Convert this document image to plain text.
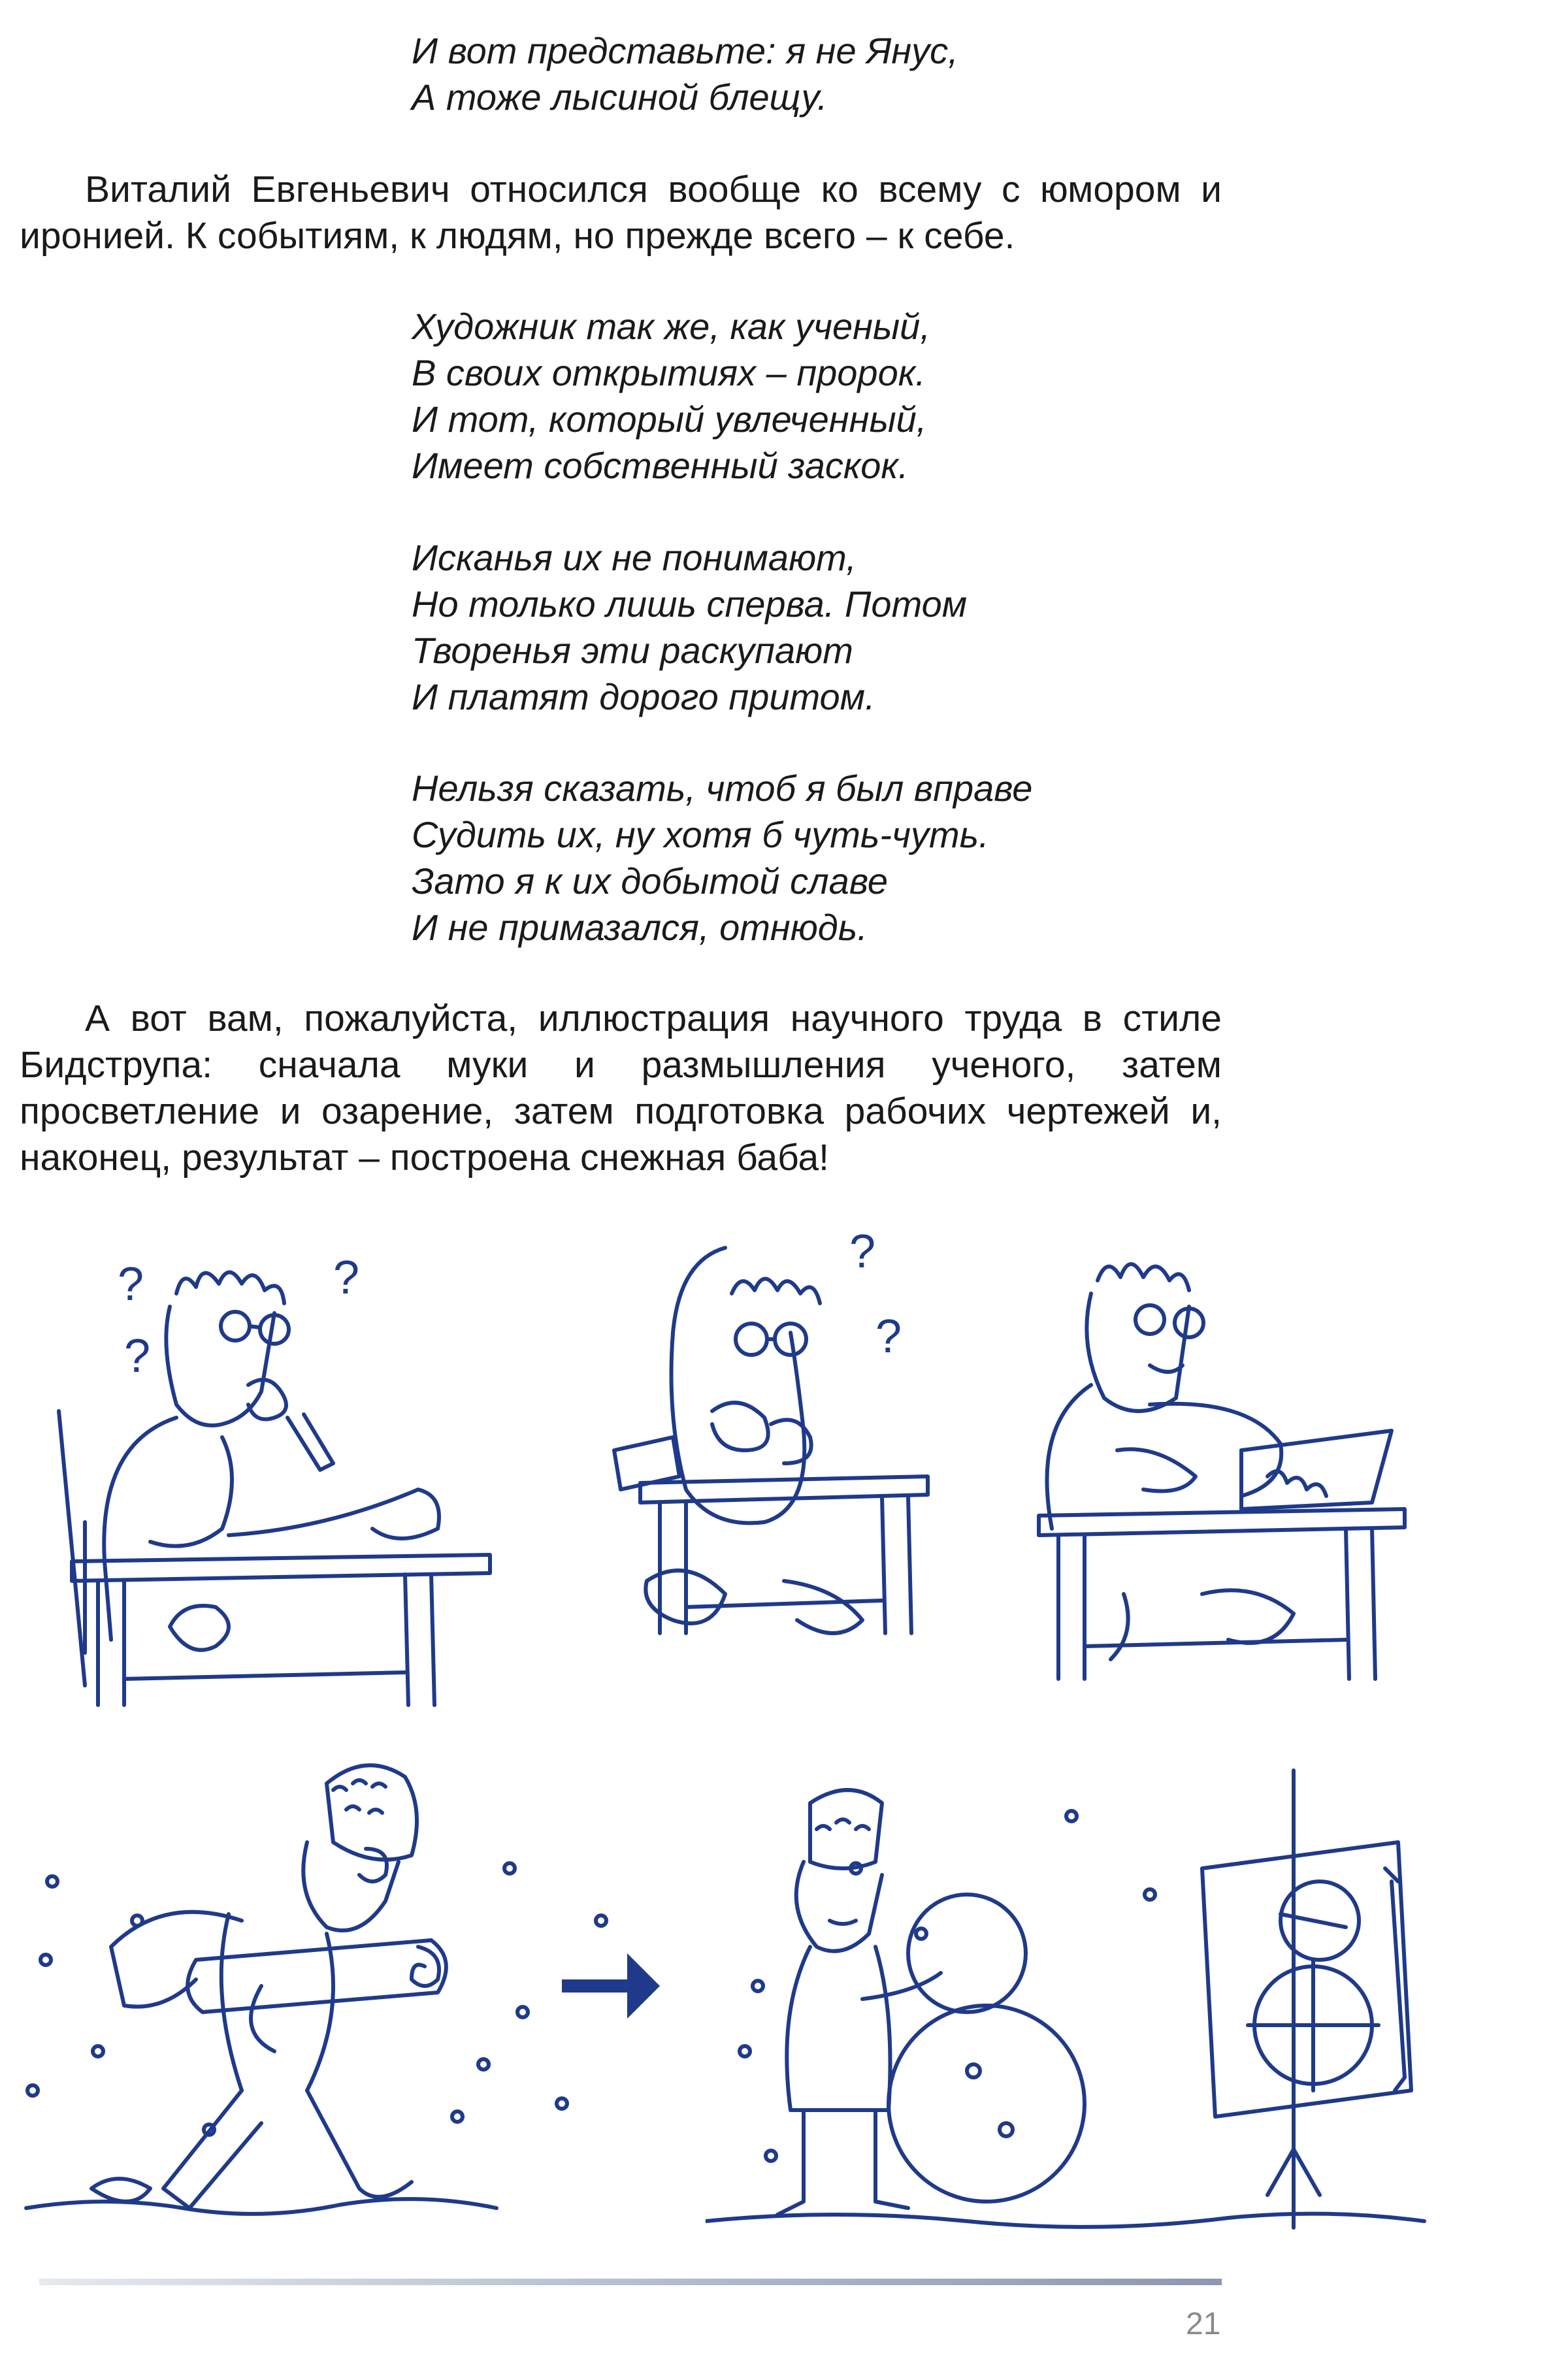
И вот представьте: я не Янус,
А тоже лысиной блещу.
Виталий Евгеньевич относился вообще ко всему с юмором и иронией. К событиям, к людям, но прежде всего – к себе.
Художник так же, как ученый,
В своих открытиях – пророк.
И тот, который увлеченный,
Имеет собственный заскок.
Исканья их не понимают,
Но только лишь сперва. Потом
Творенья эти раскупают
И платят дорого притом.
Нельзя сказать, чтоб я был вправе
Судить их, ну хотя б чуть-чуть.
Зато я к их добытой славе
И не примазался, отнюдь.
А вот вам, пожалуйста, иллюстрация научного труда в стиле Бидструпа: сначала муки и размышления ученого, затем просветление и озарение, затем подготовка рабочих чертежей и, наконец, результат – построена снежная баба!
?
?
?	?
?
21
